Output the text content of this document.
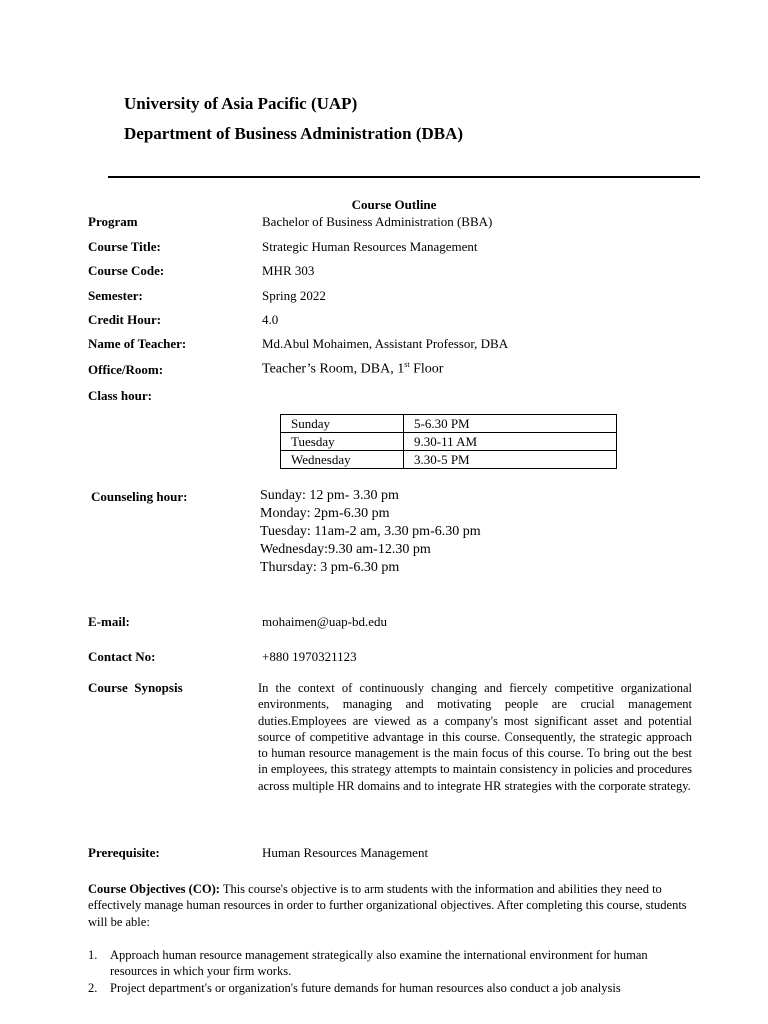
University of Asia Pacific (UAP)
Department of Business Administration (DBA)
Course Outline
Program	Bachelor of Business Administration (BBA)
Course Title:	Strategic Human Resources Management
Course Code:	MHR 303
Semester:	Spring 2022
Credit Hour:	4.0
Name of Teacher:	Md.Abul Mohaimen, Assistant Professor, DBA
Office/Room:	Teacher’s Room, DBA, 1st Floor
Class hour:
Sunday	5-6.30 PM
Tuesday	9.30-11 AM
Wednesday	3.30-5 PM
Counseling hour:	Sunday: 12 pm- 3.30 pm
Monday: 2pm-6.30 pm
Tuesday: 11am-2 am, 3.30 pm-6.30 pm
Wednesday:9.30 am-12.30 pm
Thursday: 3 pm-6.30 pm
E-mail:	mohaimen@uap-bd.edu
Contact No:	+880 1970321123
Course  Synopsis	In the context of continuously changing and fiercely competitive organizational environments, managing and motivating people are crucial management duties.Employees are viewed as a company's most significant asset and potential source of competitive advantage in this course. Consequently, the strategic approach to human resource management is the main focus of this course. To bring out the best in employees, this strategy attempts to maintain consistency in policies and procedures across multiple HR domains and to integrate HR strategies with the corporate strategy.
Prerequisite:	Human Resources Management
Course Objectives (CO): This course's objective is to arm students with the information and abilities they need to effectively manage human resources in order to further organizational objectives. After completing this course, students will be able:
1. Approach human resource management strategically also examine the international environment for human resources in which your firm works.
2. Project department's or organization's future demands for human resources also conduct a job analysis
